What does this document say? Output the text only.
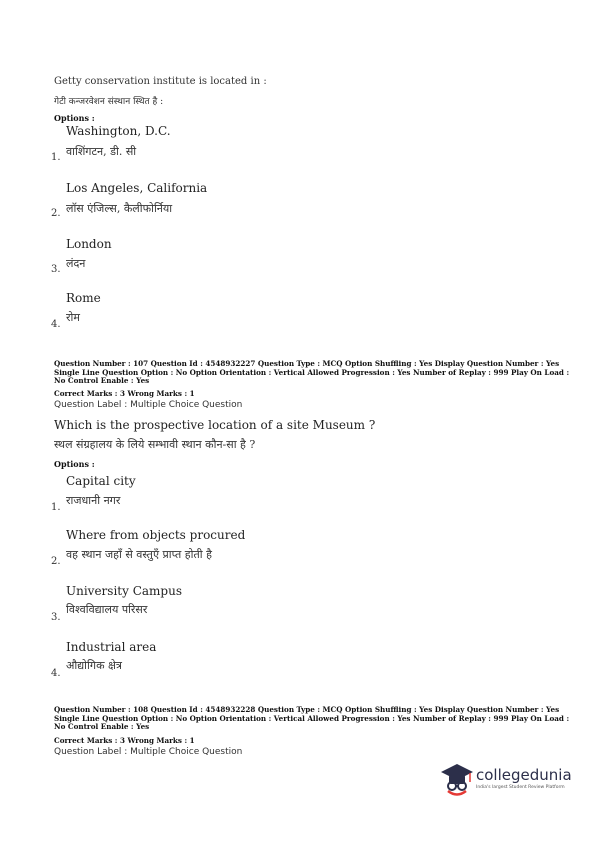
Getty conservation institute is located in :
गेटी कन्जरवेशन संस्थान स्थित है :
Options :
Washington, D.C.
वाशिंगटन, डी. सी
1.
Los Angeles, California
लॉस एंजिल्स, कैलीफोर्निया
2.
London
लंदन
3.
Rome
रोम
4.
Question Number : 107 Question Id : 4548932227 Question Type : MCQ Option Shuffling : Yes Display Question Number : Yes
Single Line Question Option : No Option Orientation : Vertical Allowed Progression : Yes Number of Replay : 999 Play On Load :
No Control Enable : Yes
Correct Marks : 3 Wrong Marks : 1
Question Label : Multiple Choice Question
Which is the prospective location of a site Museum ?
स्थल संग्रहालय के लिये सम्भावी स्थान कौन-सा है ?
Options :
Capital city
राजधानी नगर
1.
Where from objects procured
वह स्थान जहाँ से वस्तुएँ प्राप्त होती है
2.
University Campus
विश्वविद्यालय परिसर
3.
Industrial area
औद्योगिक क्षेत्र
4.
Question Number : 108 Question Id : 4548932228 Question Type : MCQ Option Shuffling : Yes Display Question Number : Yes
Single Line Question Option : No Option Orientation : Vertical Allowed Progression : Yes Number of Replay : 999 Play On Load :
No Control Enable : Yes
Correct Marks : 3 Wrong Marks : 1
Question Label : Multiple Choice Question
collegedunia
India's largest Student Review Platform
